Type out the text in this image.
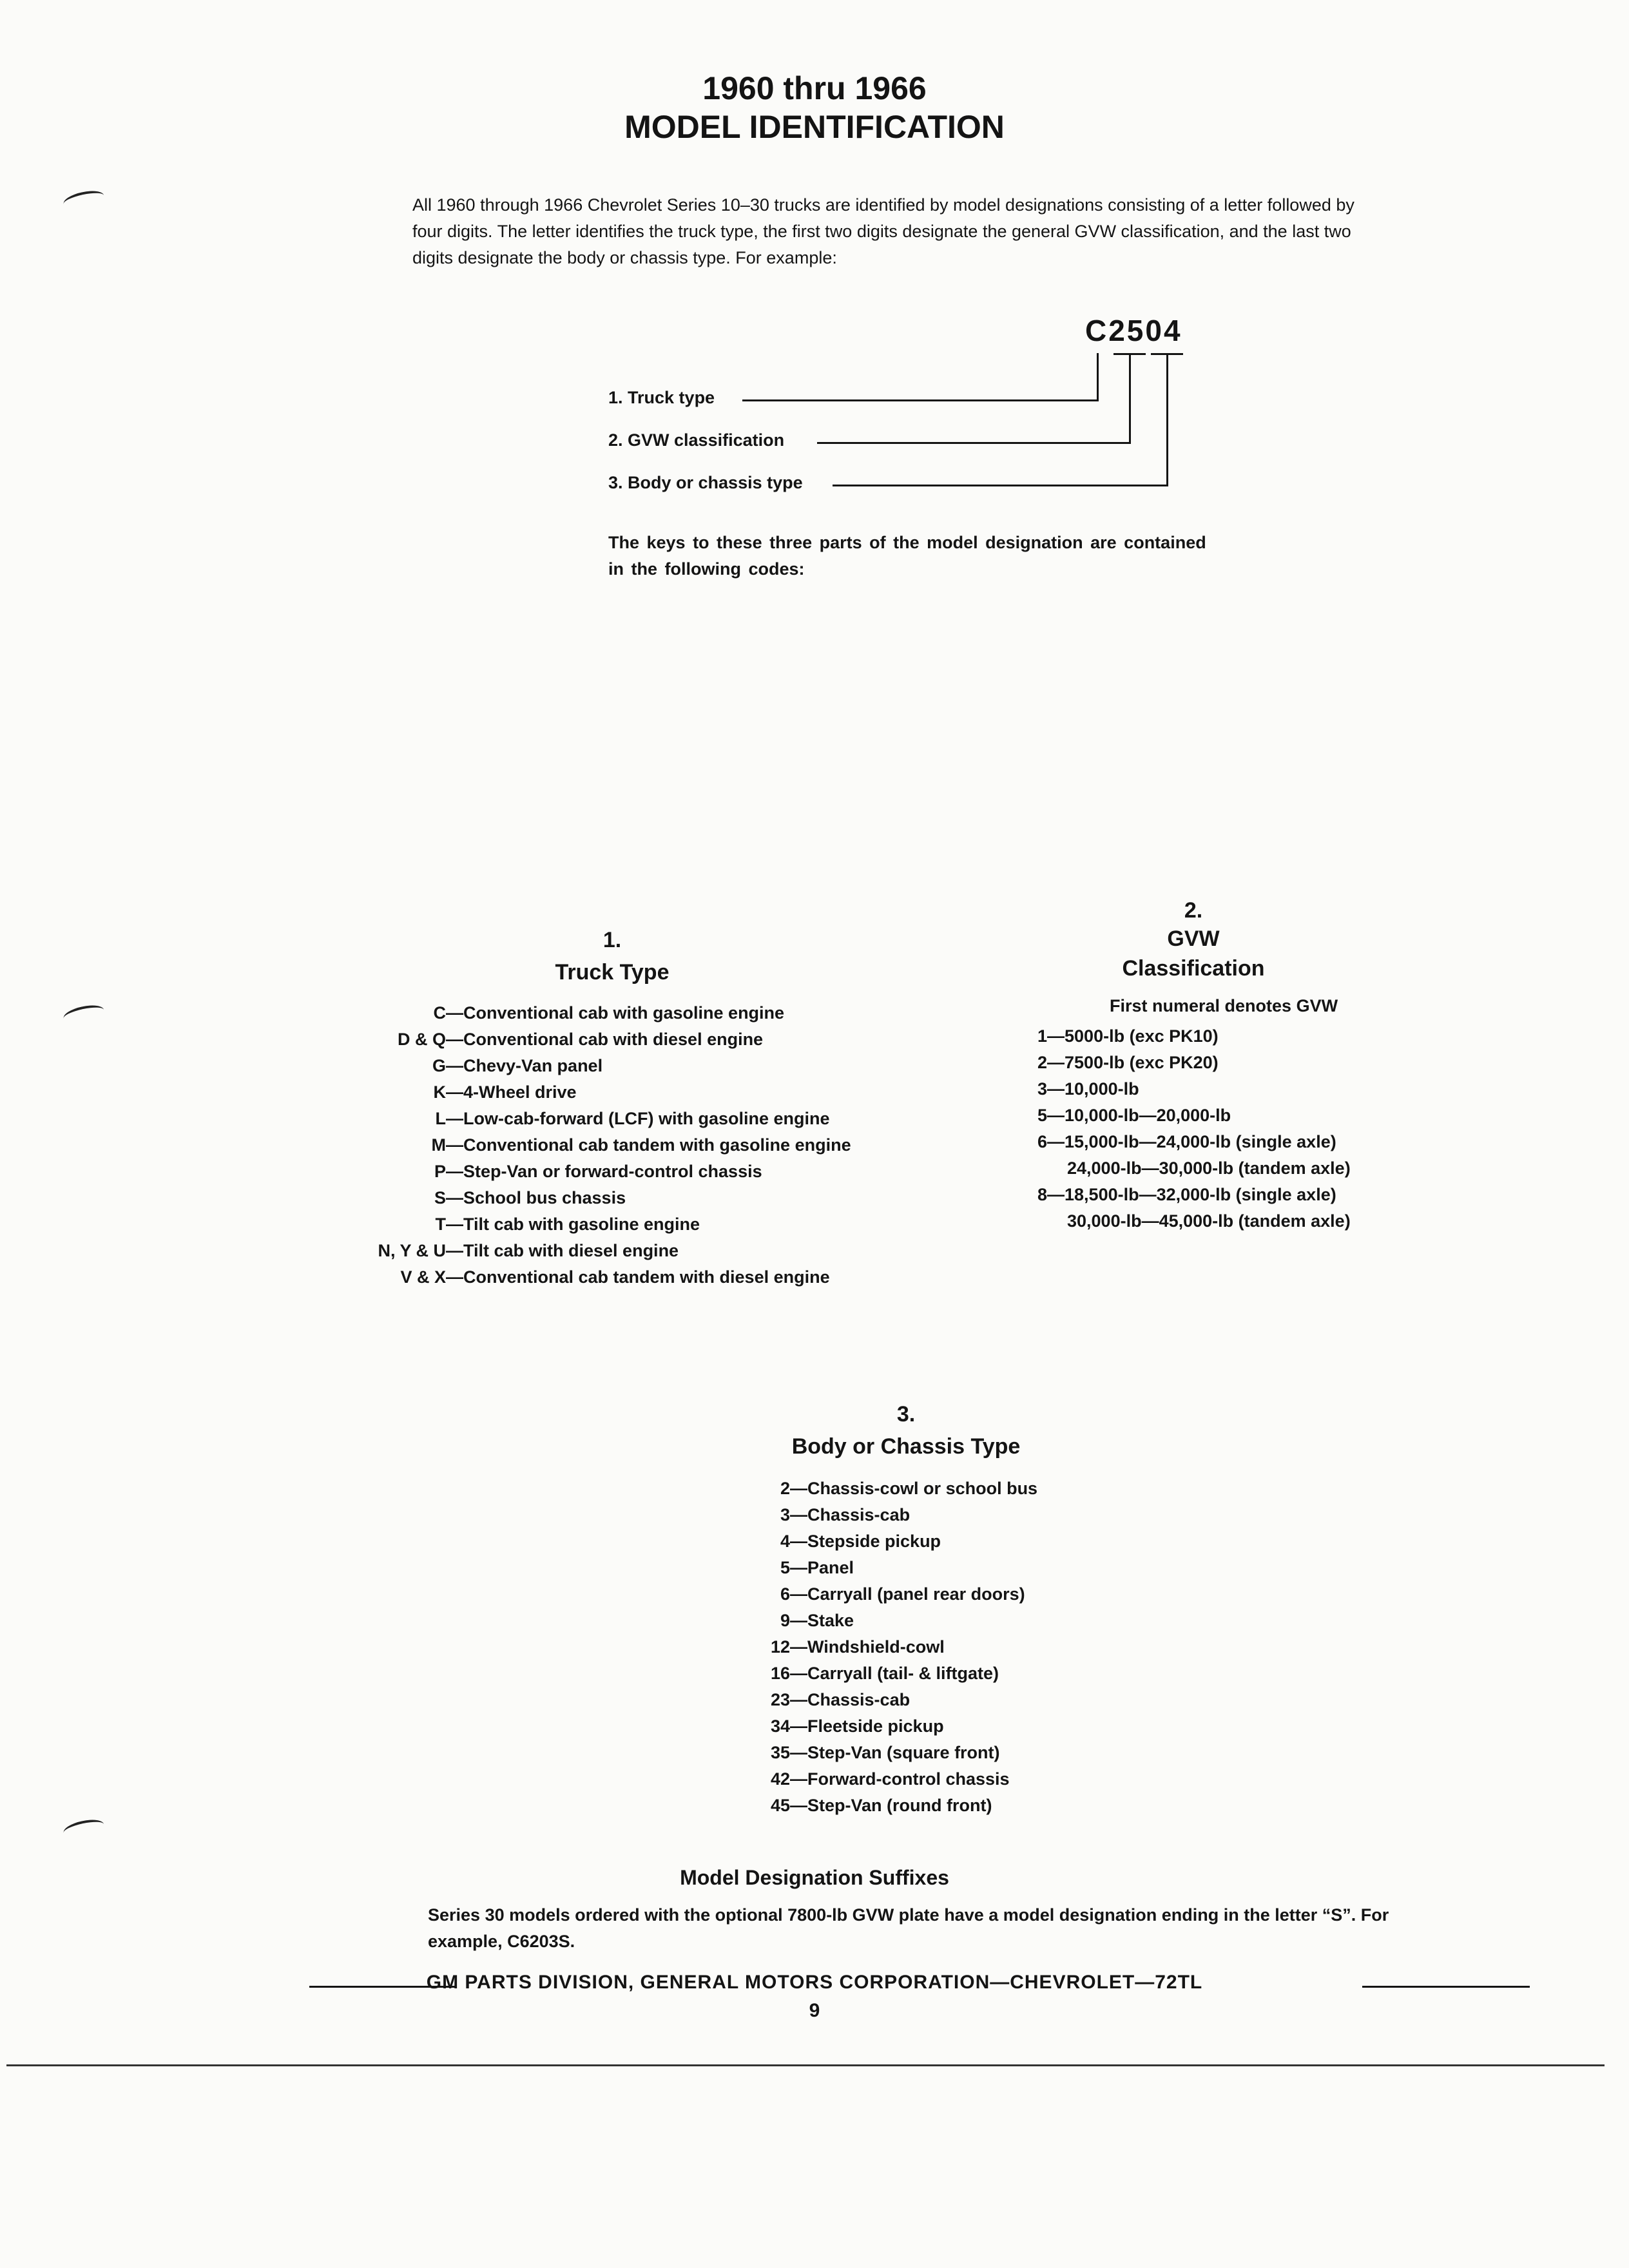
1960 thru 1966
MODEL IDENTIFICATION
All 1960 through 1966 Chevrolet Series 10–30 trucks are identified by model designations consisting of a letter followed by four digits. The letter identifies the truck type, the first two digits designate the general GVW classification, and the last two digits designate the body or chassis type. For example:
C2504
1. Truck type
2. GVW classification
3. Body or chassis type
The keys to these three parts of the model designation are contained in the following codes:
1.
Truck Type
C—Conventional cab with gasoline engine
D & Q—Conventional cab with diesel engine
G—Chevy-Van panel
K—4-Wheel drive
L—Low-cab-forward (LCF) with gasoline engine
M—Conventional cab tandem with gasoline engine
P—Step-Van or forward-control chassis
S—School bus chassis
T—Tilt cab with gasoline engine
N, Y & U—Tilt cab with diesel engine
V & X—Conventional cab tandem with diesel engine
2.
GVW
Classification
First numeral denotes GVW
1—5000-lb (exc PK10)
2—7500-lb (exc PK20)
3—10,000-lb
5—10,000-lb—20,000-lb
6—15,000-lb—24,000-lb (single axle)
24,000-lb—30,000-lb (tandem axle)
8—18,500-lb—32,000-lb (single axle)
30,000-lb—45,000-lb (tandem axle)
3.
Body or Chassis Type
2—Chassis-cowl or school bus
3—Chassis-cab
4—Stepside pickup
5—Panel
6—Carryall (panel rear doors)
9—Stake
12—Windshield-cowl
16—Carryall (tail- & liftgate)
23—Chassis-cab
34—Fleetside pickup
35—Step-Van (square front)
42—Forward-control chassis
45—Step-Van (round front)
Model Designation Suffixes
Series 30 models ordered with the optional 7800-lb GVW plate have a model designation ending in the letter “S”. For example, C6203S.
GM PARTS DIVISION, GENERAL MOTORS CORPORATION—CHEVROLET—72TL
9
